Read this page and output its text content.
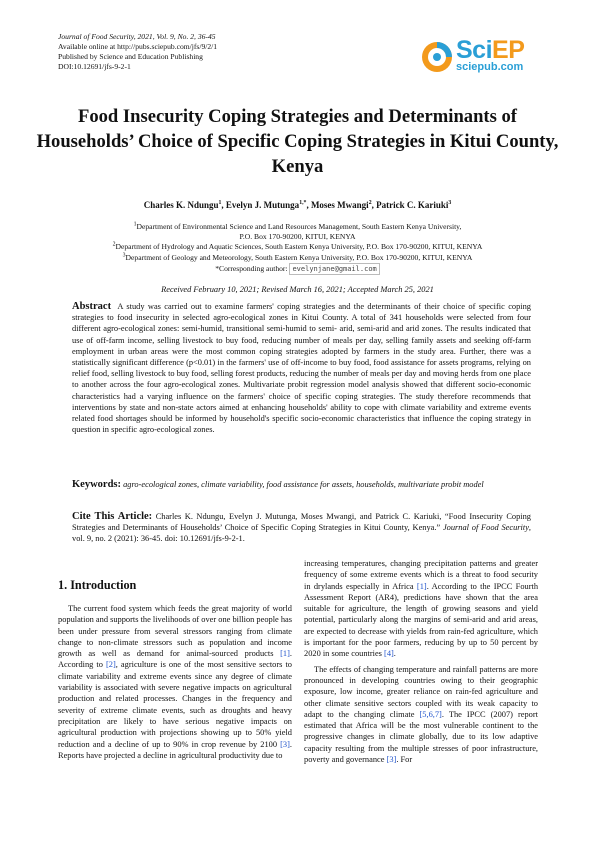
Journal of Food Security, 2021, Vol. 9, No. 2, 36-45
Available online at http://pubs.sciepub.com/jfs/9/2/1
Published by Science and Education Publishing
DOI:10.12691/jfs-9-2-1
SciEP
sciepub.com
Food Insecurity Coping Strategies and Determinants of Households’ Choice of Specific Coping Strategies in Kitui County, Kenya
Charles K. Ndungu$^1$, Evelyn J. Mutunga$^{1,*}$, Moses Mwangi$^2$, Patrick C. Kariuki$^3$
$^1$Department of Environmental Science and Land Resources Management, South Eastern Kenya University,
P.O. Box 170-90200, KITUI, KENYA
$^2$Department of Hydrology and Aquatic Sciences, South Eastern Kenya University, P.O. Box 170-90200, KITUI, KENYA
$^3$Department of Geology and Meteorology, South Eastern Kenya University, P.O. Box 170-90200, KITUI, KENYA
*Corresponding author: evelynjane@gmail.com
Received February 10, 2021; Revised March 16, 2021; Accepted March 25, 2021
Abstract A study was carried out to examine farmers' coping strategies and the determinants of their choice of specific coping strategies to food insecurity in selected agro-ecological zones in Kitui County. A total of 341 households were selected from four different agro-ecological zones: semi-humid, transitional semi-humid to semi- arid, semi-arid and arid zones. The results indicated that use of off-farm income, selling livestock to buy food, reducing number of meals per day, selling family assets and seeking off-farm employment in urban areas were the most common coping strategies adopted by farmers in the study area. Further, there was a statistically significant difference (p<0.01) in the farmers' use of off-income to buy food, food assistance for assets programs, relying on relief food, selling livestock to buy food, selling forest products, reducing the number of meals per day and moving herds from one place to another across the four agro-ecological zones. Multivariate probit regression model analysis showed that different socio-economic characteristics had a varying influence on the farmers' choice of specific coping strategies. The study therefore recommends that interventions by state and non-state actors aimed at enhancing households' ability to cope with climate variability and extreme events related food shortages should be informed by household's specific socio-economic characteristics that influence the coping strategy in question in specific agro-ecological zones.
Keywords: agro-ecological zones, climate variability, food assistance for assets, households, multivariate probit model
Cite This Article: Charles K. Ndungu, Evelyn J. Mutunga, Moses Mwangi, and Patrick C. Kariuki, “Food Insecurity Coping Strategies and Determinants of Households’ Choice of Specific Coping Strategies in Kitui County, Kenya.” Journal of Food Security, vol. 9, no. 2 (2021): 36-45. doi: 10.12691/jfs-9-2-1.
1. Introduction

The current food system which feeds the great majority of world population and supports the livelihoods of over one billion people has been under pressure from several stressors ranging from climate change to non-climate stressors such as population and income growth as well as demand for animal-sourced products [1]. According to [2], agriculture is one of the most sensitive sectors to climate variability and extreme events since any degree of climate variability is associated with severe negative impacts on agricultural production and related processes. Changes in the frequency and severity of extreme climate events, such as droughts and heavy precipitation are likely to have serious negative impacts on agricultural production with projections showing up to 50% yield reduction and a decline of up to 90% in crop revenue by 2100 [3]. Reports have projected a decline in agricultural productivity due to

increasing temperatures, changing precipitation patterns and greater frequency of some extreme events which is a threat to food security in drylands especially in Africa [1]. According to the IPCC Fourth Assessment Report (AR4), predictions have shown that the area suitable for agriculture, the length of growing seasons and yield potential, particularly along the margins of semi-arid and arid areas, are expected to decrease with yields from rain-fed agriculture, which is important for the poor farmers, reducing by up to 50 percent by 2020 in some countries [4].

The effects of changing temperature and rainfall patterns are more pronounced in developing countries owing to their geographic exposure, low income, greater reliance on rain-fed agriculture and other climate sensitive sectors coupled with its weak capacity to adapt to the changing climate [5,6,7]. The IPCC (2007) report estimated that Africa will be the most vulnerable continent to the progressive changes in climate globally, due to its low adaptive capacity resulting from the multiple stresses of poor infrastructure, poverty and governance [3]. For
